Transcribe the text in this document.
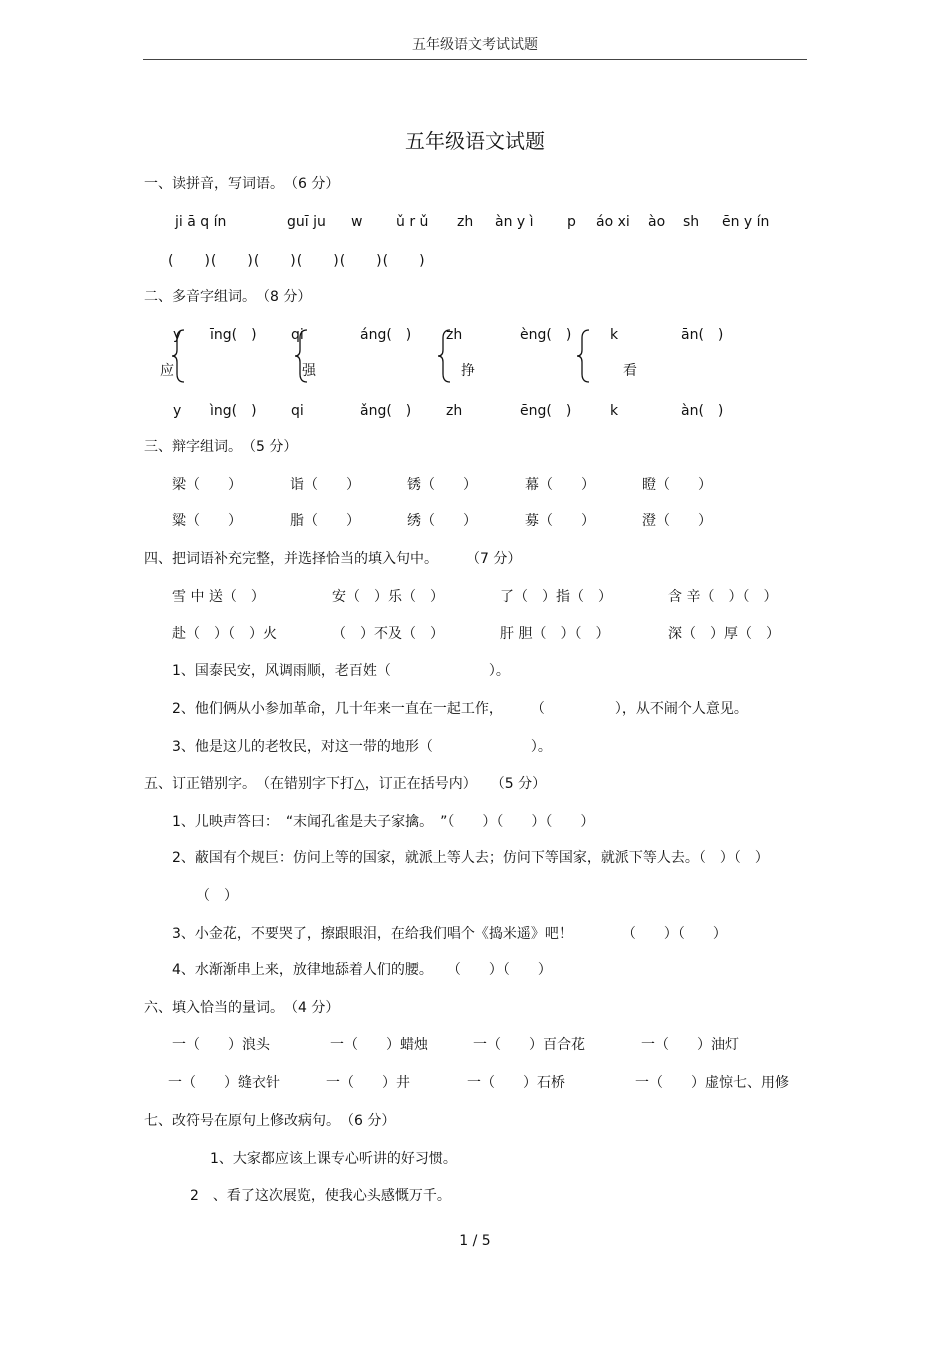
五年级语文考试试题
五年级语文试题
一、读拼音，写词语。　（6 分）
ji ā q ín	guī ju w ǔ r ǔ zh àn y ì p áo xi ào sh ēn y ín
(　　)(　　)(　　)(　　)(　　)(　　)
二、多音字组词。　（8 分）
y īng(　) qi	áng(　) zh	èng(　)	k	ān(　)
应	强	挣	看
y ìng(　) qi	ǎng(　) zh	ēng(　)	k	àn(　)
三、辩字组词。　（5 分）
梁（　　）	诣（　　）	锈（　　）	幕（　　）	瞪（　　）
粱（　　）	脂（　　）	绣（　　）	募（　　）	澄（　　）
四、把词语补充完整，并选择恰当的填入句中。　　　（7 分）
雪 中 送（　）	安（　）乐（　）	了（　）指（　）	含 辛（　）（　）
赴（　）（　）火	（　）不及（　）	肝 胆（　）（　）	深（　）厚（　）
1、国泰民安，风调雨顺，老百姓（　　　　　　　）。
2、他们俩从小参加革命，几十年来一直在一起工作，　　　（　　　　　），从不闹个人意见。
3、他是这儿的老牧民，对这一带的地形（　　　　　　　）。
五、订正错别字。　（在错别字下打△，订正在括号内）　　（5 分）
1、儿映声答曰：　“末闻孔雀是夫子家擒。　”（　　）（　　）（　　）
2、蔽国有个规巨：仿问上等的国家，就派上等人去；仿问下等国家，就派下等人去。（　）（　）
（　）
3、小金花，不要哭了，擦跟眼泪，在给我们唱个《捣米遥》吧！　　　　（　　）（　　）
4、水渐渐串上来，放律地舔着人们的腰。　　（　　）（　　）
六、填入恰当的量词。　（4 分）
一（　　）浪头	一（　　）蜡烛	一（　　）百合花	一（　　）油灯
一（　　）缝衣针	一（　　）井	一（　　）石桥	一（　　）虚惊七、用修
七、改符号在原句上修改病句。　（6 分）
1、大家都应该上课专心听讲的好习惯。
2　、看了这次展览，使我心头感慨万千。
1 / 5
